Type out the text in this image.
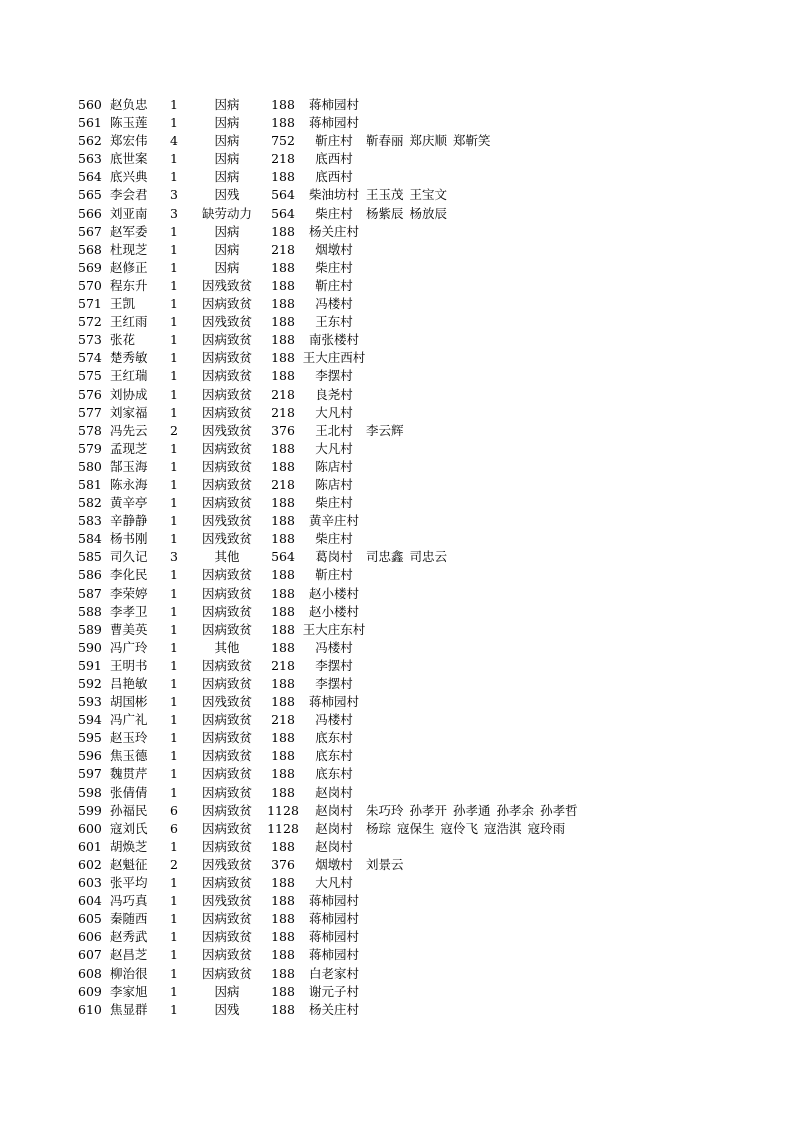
560 赵负忠	1	因病	188	蒋柿园村
561 陈玉莲	1	因病	188	蒋柿园村
562 郑宏伟	4	因病	752	靳庄村	靳春丽 郑庆顺 郑靳笑
563 底世案	1	因病	218	底西村
564 底兴典	1	因病	188	底西村
565 李会君	3	因残	564	柴油坊村 王玉茂 王宝文
566 刘亚南	3	缺劳动力	564	柴庄村	杨紫辰 杨放辰
567 赵军委	1	因病	188	杨关庄村
568 杜现芝	1	因病	218	烟墩村
569 赵修正	1	因病	188	柴庄村
570 程东升	1	因残致贫	188	靳庄村
571 王凯	1	因病致贫	188	冯楼村
572 王红雨	1	因残致贫	188	王东村
573 张花	1	因病致贫	188	南张楼村
574 楚秀敏	1	因病致贫	188 王大庄西村
575 王红瑞	1	因病致贫	188	李摆村
576 刘协成	1	因病致贫	218	良尧村
577 刘家福	1	因病致贫	218	大凡村
578 冯先云	2	因残致贫	376	王北村	李云辉
579 孟现芝	1	因病致贫	188	大凡村
580 郜玉海	1	因病致贫	188	陈店村
581 陈永海	1	因病致贫	218	陈店村
582 黄辛亭	1	因病致贫	188	柴庄村
583 辛静静	1	因残致贫	188	黄辛庄村
584 杨书刚	1	因残致贫	188	柴庄村
585 司久记	3	其他	564	葛岗村	司忠鑫 司忠云
586 李化民	1	因病致贫	188	靳庄村
587 李荣婷	1	因病致贫	188	赵小楼村
588 李孝卫	1	因病致贫	188	赵小楼村
589 曹美英	1	因病致贫	188 王大庄东村
590 冯广玲	1	其他	188	冯楼村
591 王明书	1	因病致贫	218	李摆村
592 吕艳敏	1	因病致贫	188	李摆村
593 胡国彬	1	因残致贫	188	蒋柿园村
594 冯广礼	1	因病致贫	218	冯楼村
595 赵玉玲	1	因病致贫	188	底东村
596 焦玉德	1	因病致贫	188	底东村
597 魏贯芹	1	因病致贫	188	底东村
598 张倩倩	1	因病致贫	188	赵岗村
599 孙福民	6	因病致贫	1128	赵岗村	朱巧玲 孙孝开 孙孝通 孙孝余 孙孝哲
600 寇刘氏	6	因病致贫	1128	赵岗村	杨琮 寇保生 寇伶飞 寇浩淇 寇玲雨
601 胡焕芝	1	因病致贫	188	赵岗村
602 赵魁征	2	因残致贫	376	烟墩村	刘景云
603 张平均	1	因病致贫	188	大凡村
604 冯巧真	1	因残致贫	188	蒋柿园村
605 秦随西	1	因病致贫	188	蒋柿园村
606 赵秀武	1	因病致贫	188	蒋柿园村
607 赵昌芝	1	因病致贫	188	蒋柿园村
608 柳治很	1	因病致贫	188	白老家村
609 李家旭	1	因病	188	谢元子村
610 焦显群	1	因残	188	杨关庄村
